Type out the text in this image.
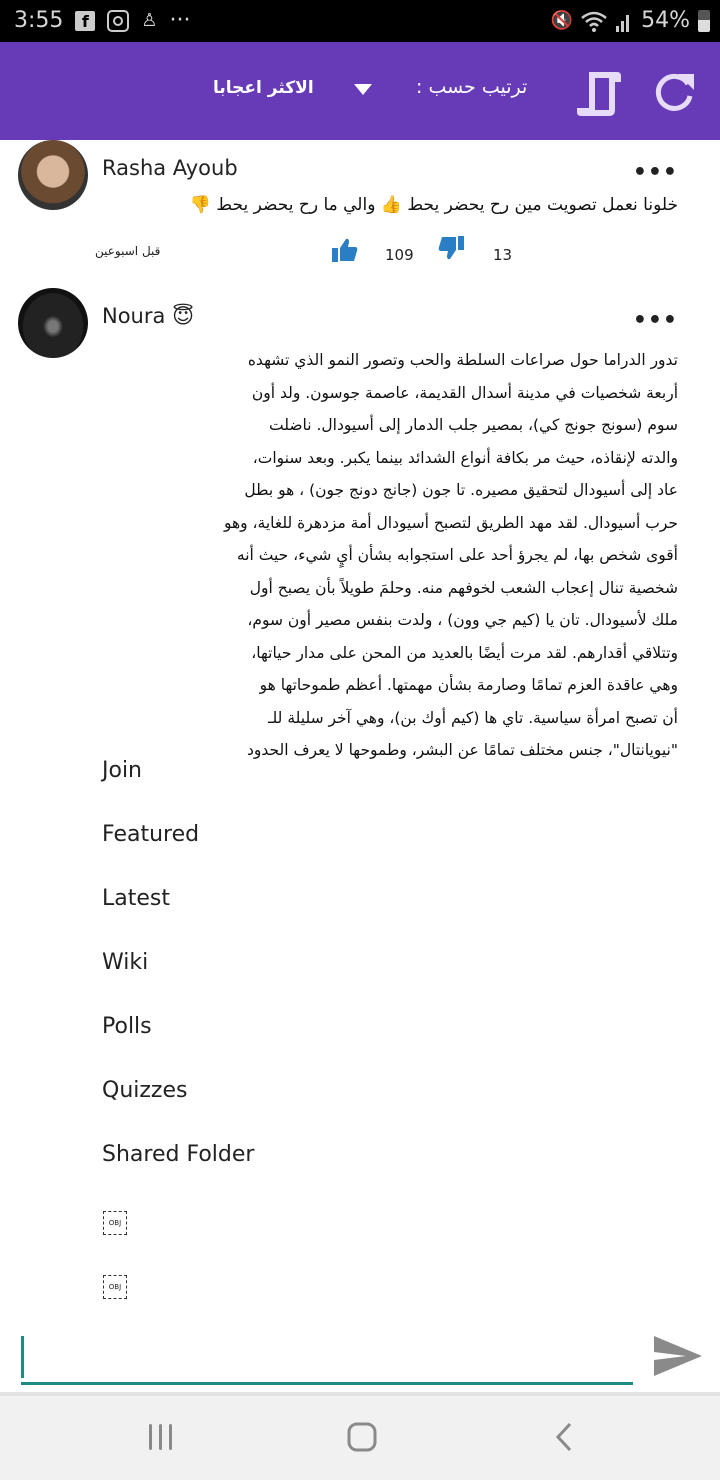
3:55	f	♙ ···	🔇	54%
الاكثر اعجابا	ترتيب حسب :
Rasha Ayoub	•••
خلونا نعمل تصويت مين رح يحضر يحط 👍 والي ما رح يحضر يحط 👎
قبل اسبوعين	109	13
Noura 😇	•••
تدور الدراما حول صراعات السلطة والحب وتصور النمو الذي تشهده
أربعة شخصيات في مدينة أسدال القديمة، عاصمة جوسون. ولد أون
سوم (سونج جونج كي)، بمصير جلب الدمار إلى أسيودال. ناضلت
والدته لإنقاذه، حيث مر بكافة أنواع الشدائد بينما يكبر. وبعد سنوات،
عاد إلى أسيودال لتحقيق مصيره. تا جون (جانج دونج جون) ، هو بطل
حرب أسيودال. لقد مهد الطريق لتصبح أسيودال أمة مزدهرة للغاية، وهو
أقوى شخص بها، لم يجرؤ أحد على استجوابه بشأن أيٍ شيء، حيث أنه
شخصية تنال إعجاب الشعب لخوفهم منه. وحلمَ طويلاً بأن يصبح أول
ملك لأسيودال. تان يا (كيم جي وون) ، ولدت بنفس مصير أون سوم،
وتتلاقي أقدارهم. لقد مرت أيضًا بالعديد من المحن على مدار حياتها،
وهي عاقدة العزم تمامًا وصارمة بشأن مهمتها. أعظم طموحاتها هو
أن تصبح امرأة سياسية. تاي ها (كيم أوك بن)، وهي آخر سليلة للـ
"نيويانتال"، جنس مختلف تمامًا عن البشر، وطموحها لا يعرف الحدود
Join
Featured
Latest
Wiki
Polls
Quizzes
Shared Folder
OBJ
OBJ
